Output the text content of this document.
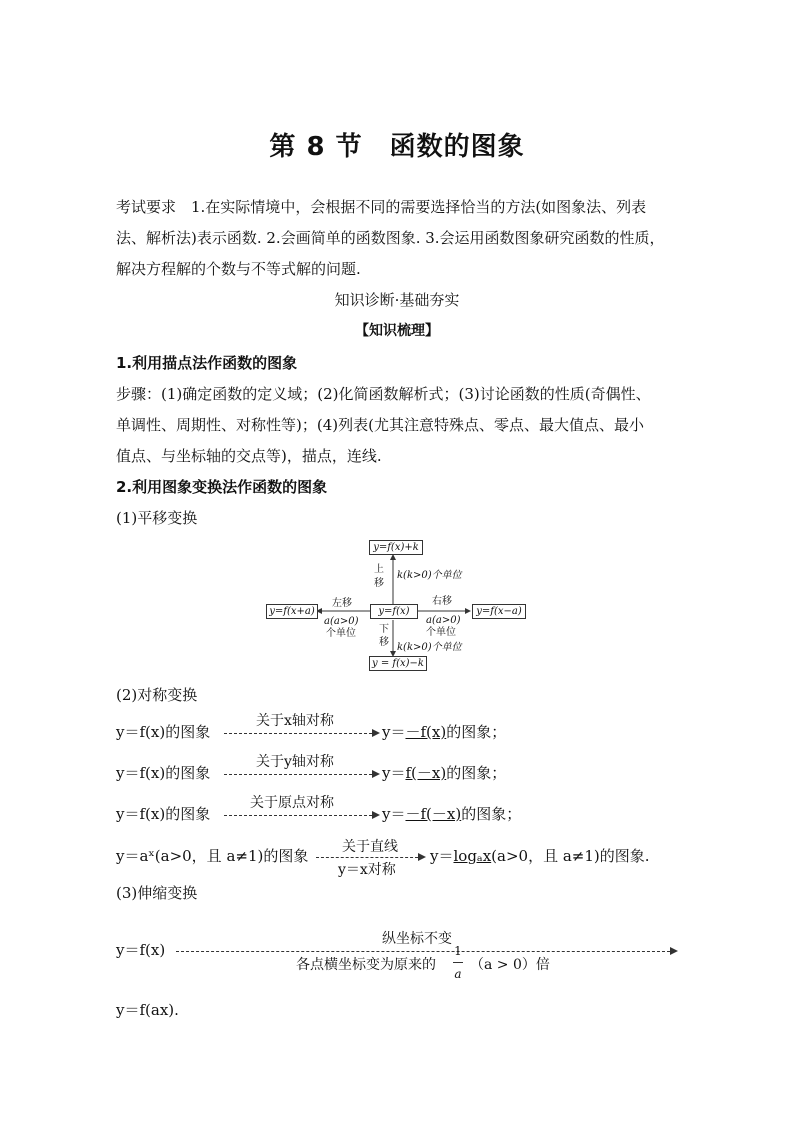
第 8 节　函数的图象
考试要求　1.在实际情境中，会根据不同的需要选择恰当的方法(如图象法、列表
法、解析法)表示函数. 2.会画简单的函数图象. 3.会运用函数图象研究函数的性质，
解决方程解的个数与不等式解的问题.
知识诊断·基础夯实
【知识梳理】
1.利用描点法作函数的图象
步骤：(1)确定函数的定义域；(2)化简函数解析式；(3)讨论函数的性质(奇偶性、
单调性、周期性、对称性等)；(4)列表(尤其注意特殊点、零点、最大值点、最小
值点、与坐标轴的交点等)，描点，连线.
2.利用图象变换法作函数的图象
(1)平移变换
y=f(x)
y=f(x)+k
y = f(x)−k
y=f(x+a)	y=f(x−a)
上
移
k(k>0)个单位
下
移 k(k>0)个单位
左移
a(a>0)
个单位
右移
a(a>0)
个单位
(2)对称变换
y＝f(x)的图象
关于x轴对称
y＝－f(x)的图象；
y＝f(x)的图象
关于y轴对称
y＝f(－x)的图象；
y＝f(x)的图象
关于原点对称
y＝－f(－x)的图象；
y＝aˣ(a>0，且 a≠1)的图象 关于直线
y＝x对称
y＝logₐx(a>0，且 a≠1)的图象.
(3)伸缩变换
y＝f(x)
纵坐标不变
各点横坐标变为原来的
1
a
（a > 0）倍
y＝f(ax).
